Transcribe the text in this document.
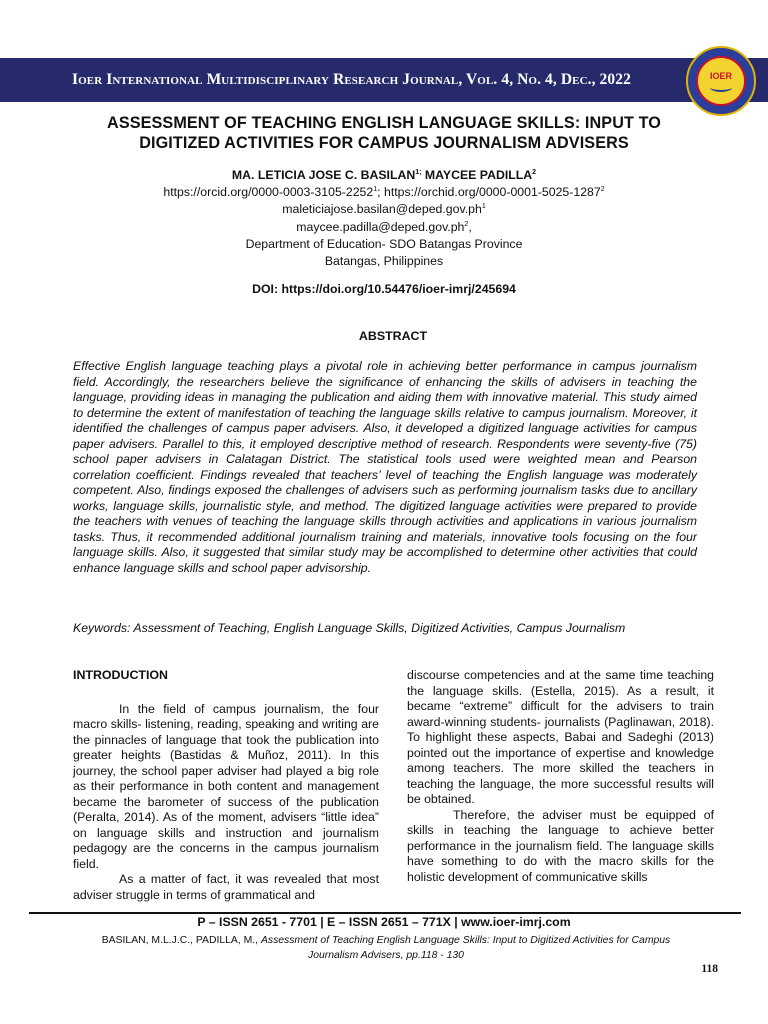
Ioer International Multidisciplinary Research Journal, Vol. 4, No. 4, Dec., 2022	IOER
ASSESSMENT OF TEACHING ENGLISH LANGUAGE SKILLS: INPUT TO
DIGITIZED ACTIVITIES FOR CAMPUS JOURNALISM ADVISERS
MA. LETICIA JOSE C. $BASILAN^{1;}$ MAYCEE PADILLA$^2$
https://orcid.org/0000-0003-3105-2252$^1$; https://orchid.org/0000-0001-5025-1287$^2$
$maleticiajose.basilan@deped.gov.ph^1$
$maycee.padilla@deped.gov.ph^2$,
Department of Education- SDO Batangas Province
Batangas, Philippines
DOI: https://doi.org/10.54476/ioer-imrj/245694
ABSTRACT
Effective English language teaching plays a pivotal role in achieving better performance in campus journalism field. Accordingly, the researchers believe the significance of enhancing the skills of advisers in teaching the language, providing ideas in managing the publication and aiding them with innovative material. This study aimed to determine the extent of manifestation of teaching the language skills relative to campus journalism. Moreover, it identified the challenges of campus paper advisers. Also, it developed a digitized language activities for campus paper advisers. Parallel to this, it employed descriptive method of research. Respondents were seventy-five (75) school paper advisers in Calatagan District. The statistical tools used were weighted mean and Pearson correlation coefficient. Findings revealed that teachers’ level of teaching the English language was moderately competent. Also, findings exposed the challenges of advisers such as performing journalism tasks due to ancillary works, language skills, journalistic style, and method. The digitized language activities were prepared to provide the teachers with venues of teaching the language skills through activities and applications in various journalism tasks. Thus, it recommended additional journalism training and materials, innovative tools focusing on the four language skills. Also, it suggested that similar study may be accomplished to determine other activities that could enhance language skills and school paper advisorship.
Keywords: Assessment of Teaching, English Language Skills, Digitized Activities, Campus Journalism
INTRODUCTION

In the field of campus journalism, the four macro skills- listening, reading, speaking and writing are the pinnacles of language that took the publication into greater heights (Bastidas & Muñoz, 2011). In this journey, the school paper adviser had played a big role as their performance in both content and management became the barometer of success of the publication (Peralta, 2014). As of the moment, advisers “little idea” on language skills and instruction and journalism pedagogy are the concerns in the campus journalism field.

As a matter of fact, it was revealed that most adviser struggle in terms of grammatical and

discourse competencies and at the same time teaching the language skills. (Estella, 2015). As a result, it became “extreme” difficult for the advisers to train award-winning students- journalists (Paglinawan, 2018). To highlight these aspects, Babai and Sadeghi (2013) pointed out the importance of expertise and knowledge among teachers. The more skilled the teachers in teaching the language, the more successful results will be obtained.

Therefore, the adviser must be equipped of skills in teaching the language to achieve better performance in the journalism field. The language skills have something to do with the macro skills for the holistic development of communicative skills

P – ISSN 2651 - 7701 | E – ISSN 2651 – 771X | www.ioer-imrj.com
BASILAN, M.L.J.C., PADILLA, M., Assessment of Teaching English Language Skills: Input to Digitized Activities for Campus Journalism Advisers, pp.118 - 130
118
